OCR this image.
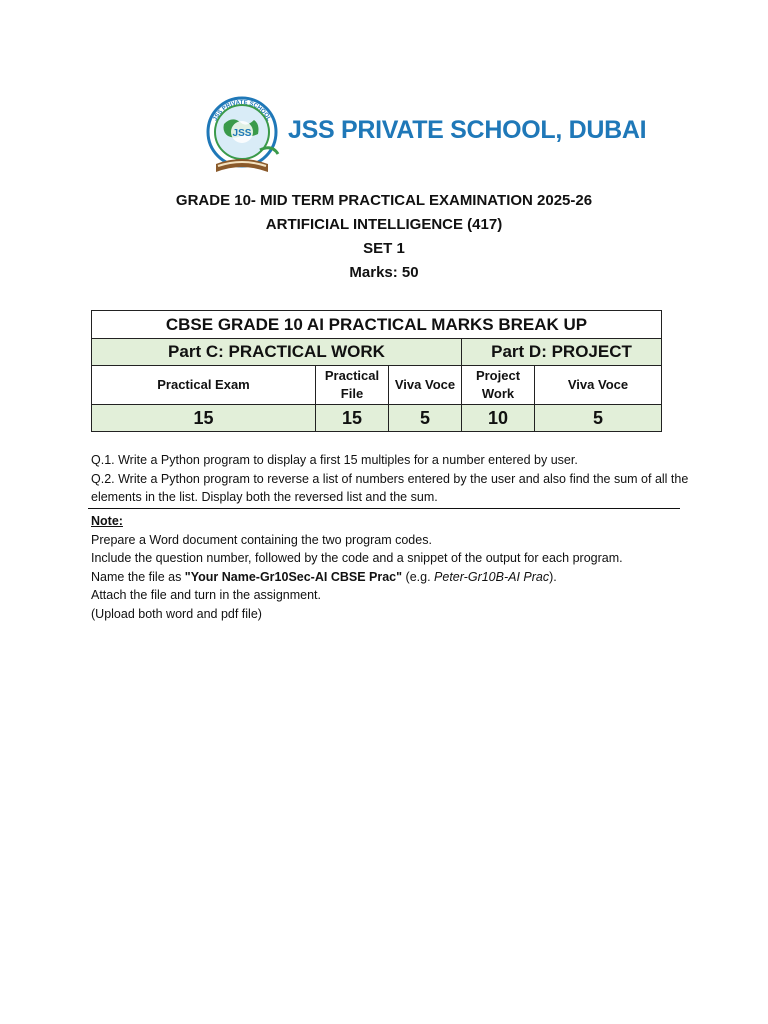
JSS
JSS PRIVATE SCHOOL JSS PRIVATE SCHOOL, DUBAI
GRADE 10- MID TERM PRACTICAL EXAMINATION 2025-26
ARTIFICIAL INTELLIGENCE (417)
SET 1
Marks: 50
CBSE GRADE 10 AI PRACTICAL MARKS BREAK UP				
Part C: PRACTICAL WORK			Part D: PROJECT	
Practical Exam	Practical File	Viva Voce	Project Work	Viva Voce
15	15	5	10	5
Q.1. Write a Python program to display a first 15 multiples for a number entered by user.
Q.2. Write a Python program to reverse a list of numbers entered by the user and also find the sum of all the elements in the list. Display both the reversed list and the sum.
Note:
Prepare a Word document containing the two program codes.
Include the question number, followed by the code and a snippet of the output for each program.
Name the file as "Your Name-Gr10Sec-AI CBSE Prac" (e.g. Peter-Gr10B-AI Prac).
Attach the file and turn in the assignment.
(Upload both word and pdf file)
